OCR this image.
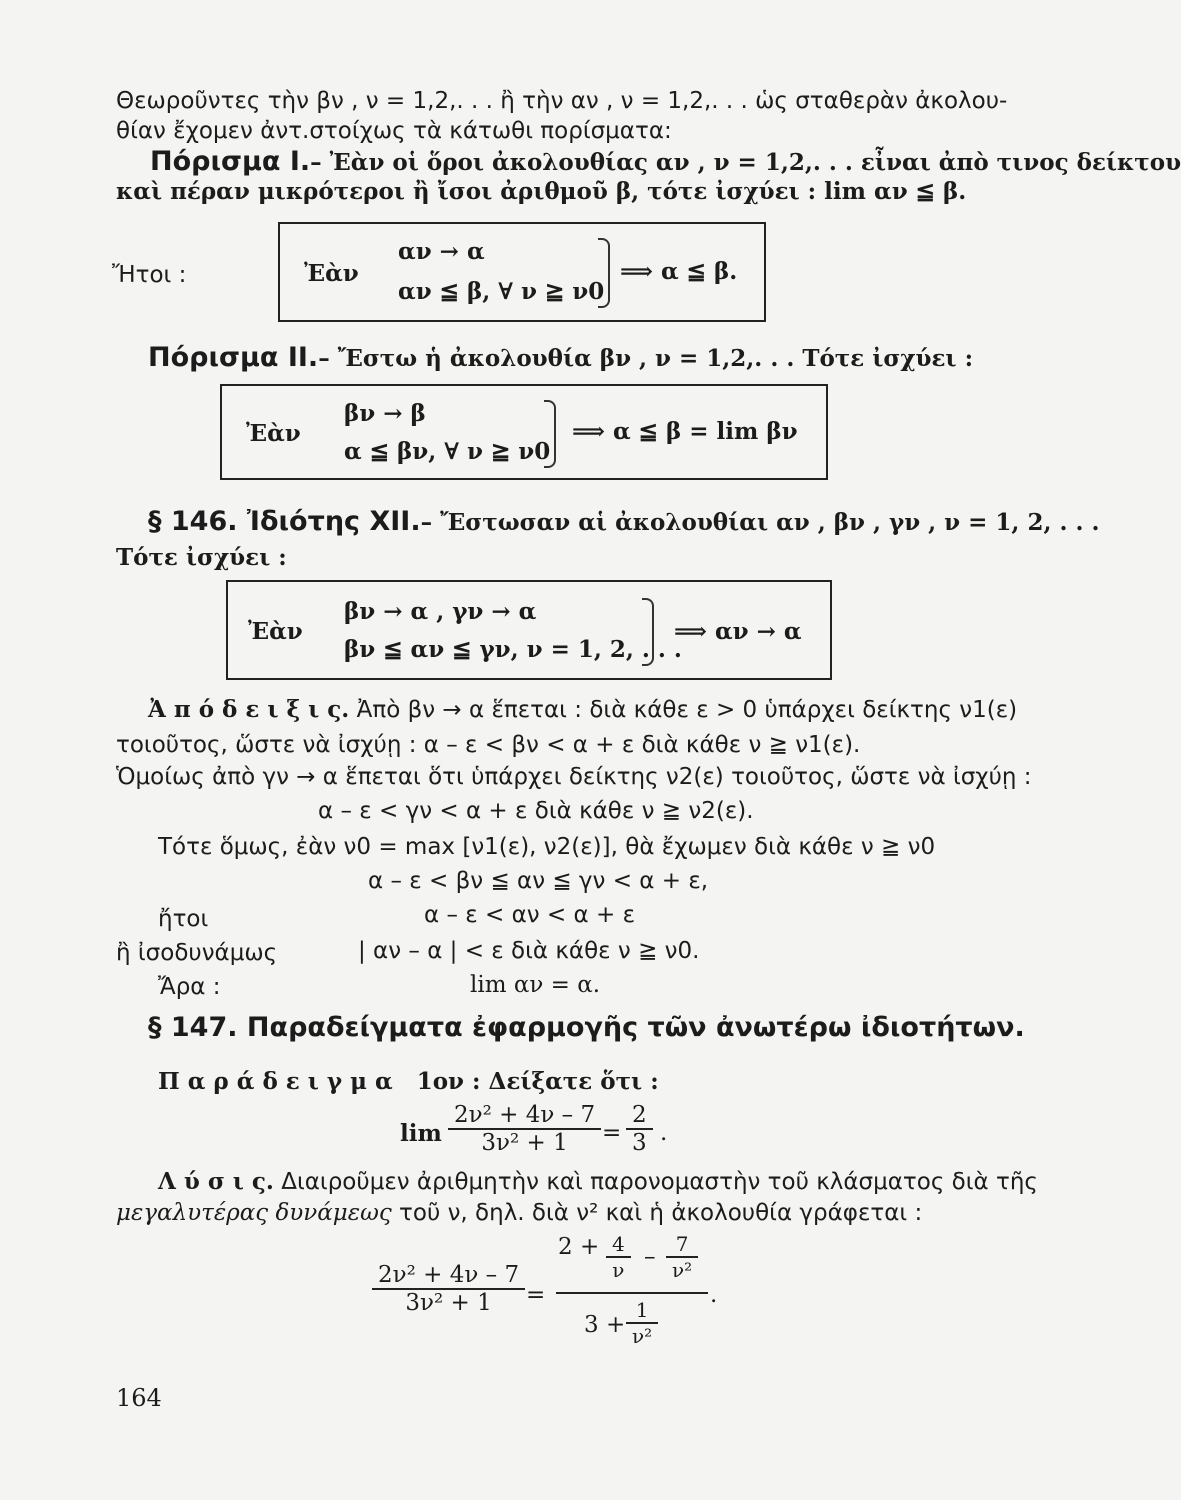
Θεωροῦντες τὴν βν , ν = 1,2,. . . ἢ τὴν αν , ν = 1,2,. . . ὡς σταθερὰν ἀκολου-
θίαν ἔχομεν ἀντ.στοίχως τὰ κάτωθι πορίσματα:
Πόρισμα I.– Ἐὰν οἱ ὅροι ἀκολουθίας αν , ν = 1,2,. . . εἶναι ἀπὸ τινος δείκτου
καὶ πέραν μικρότεροι ἢ ἴσοι ἀριθμοῦ β, τότε ἰσχύει : lim αν ≦ β.
Ἤτοι :	Ἐὰν
αν → α
αν ≦ β, ∀ ν ≧ ν0
⟹ α ≦ β.
Πόρισμα II.– Ἔστω ἡ ἀκολουθία βν , ν = 1,2,. . . Τότε ἰσχύει :
Ἐὰν
βν → β
α ≦ βν, ∀ ν ≧ ν0
⟹ α ≦ β = lim βν
§ 146. Ἰδιότης XII.– Ἔστωσαν αἱ ἀκολουθίαι αν , βν , γν , ν = 1, 2, . . .
Τότε ἰσχύει :
Ἐὰν
βν → α , γν → α
βν ≦ αν ≦ γν, ν = 1, 2, . . .
⟹ αν → α
Ἀ π ό δ ε ι ξ ι ς. Ἀπὸ βν → α ἕπεται : διὰ κάθε ε > 0 ὑπάρχει δείκτης ν1(ε)
τοιοῦτος, ὥστε νὰ ἰσχύῃ : α – ε < βν < α + ε διὰ κάθε ν ≧ ν1(ε).
Ὁμοίως ἀπὸ γν → α ἕπεται ὅτι ὑπάρχει δείκτης ν2(ε) τοιοῦτος, ὥστε νὰ ἰσχύῃ :
α – ε < γν < α + ε διὰ κάθε ν ≧ ν2(ε).
Τότε ὅμως, ἐὰν ν0 = max [ν1(ε), ν2(ε)], θὰ ἔχωμεν διὰ κάθε ν ≧ ν0
α – ε < βν ≦ αν ≦ γν < α + ε,
ἤτοι	α – ε < αν < α + ε
ἢ ἰσοδυνάμως	| αν – α | < ε διὰ κάθε ν ≧ ν0.
Ἄρα :	lim αν = α.
§ 147. Παραδείγματα ἐφαρμογῆς τῶν ἀνωτέρω ἰδιοτήτων.
Π α ρ ά δ ε ι γ μ α 1ον : Δείξατε ὅτι :
$\lim \frac{\text{2ν² + 4ν – 7}}{\text{3ν² + 1}} = \frac{2}{3}$ .
Λ ύ σ ι ς. Διαιροῦμεν ἀριθμητὴν καὶ παρονομαστὴν τοῦ κλάσματος διὰ τῆς
μεγαλυτέρας δυνάμεως τοῦ ν, δηλ. διὰ ν² καὶ ἡ ἀκολουθία γράφεται :
$\frac{\text{2ν² + 4ν – 7}}{\text{3ν² + 1}}$ =
$2 + \frac{4}{\nu} - \frac{7}{\text{ν²}}$
.
$3 + \frac{1}{\text{ν²}}$
164
